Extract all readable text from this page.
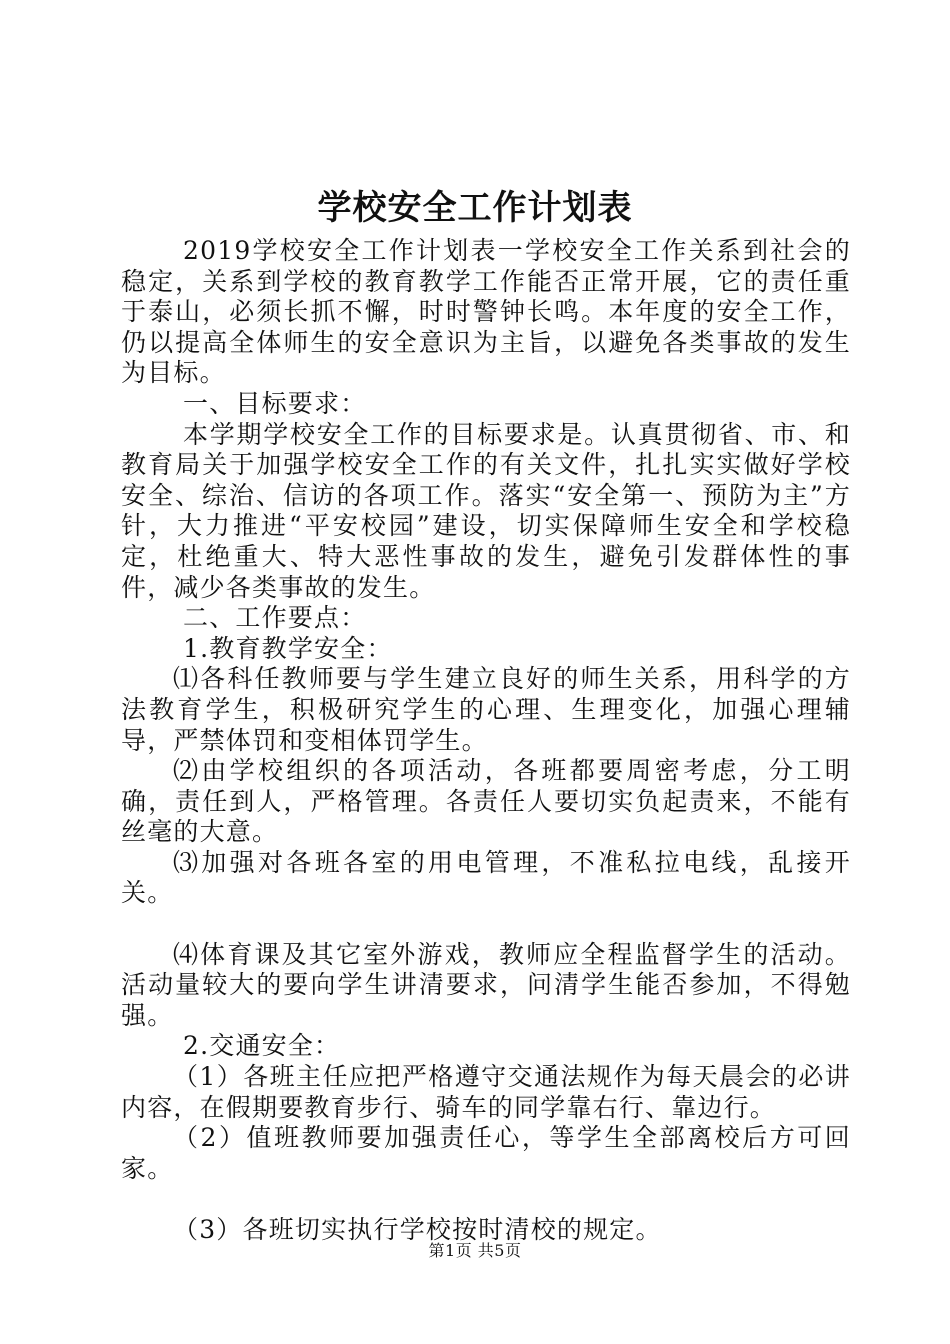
学校安全工作计划表

2019学校安全工作计划表一学校安全工作关系到社会的稳定，关系到学校的教育教学工作能否正常开展，它的责任重于泰山，必须长抓不懈，时时警钟长鸣。本年度的安全工作，仍以提高全体师生的安全意识为主旨，以避免各类事故的发生为目标。

一、目标要求：

本学期学校安全工作的目标要求是。认真贯彻省、市、和教育局关于加强学校安全工作的有关文件，扎扎实实做好学校安全、综治、信访的各项工作。落实“安全第一、预防为主”方针，大力推进“平安校园”建设，切实保障师生安全和学校稳定，杜绝重大、特大恶性事故的发生，避免引发群体性的事件，减少各类事故的发生。

二、工作要点：

1.教育教学安全：

⑴各科任教师要与学生建立良好的师生关系，用科学的方法教育学生，积极研究学生的心理、生理变化，加强心理辅导，严禁体罚和变相体罚学生。

⑵由学校组织的各项活动，各班都要周密考虑，分工明确，责任到人，严格管理。各责任人要切实负起责来，不能有丝毫的大意。

⑶加强对各班各室的用电管理，不准私拉电线，乱接开关。

⑷体育课及其它室外游戏，教师应全程监督学生的活动。活动量较大的要向学生讲清要求，问清学生能否参加，不得勉强。

2.交通安全：

（1）各班主任应把严格遵守交通法规作为每天晨会的必讲内容，在假期要教育步行、骑车的同学靠右行、靠边行。

（2）值班教师要加强责任心，等学生全部离校后方可回家。

（3）各班切实执行学校按时清校的规定。

第1页 共5页
